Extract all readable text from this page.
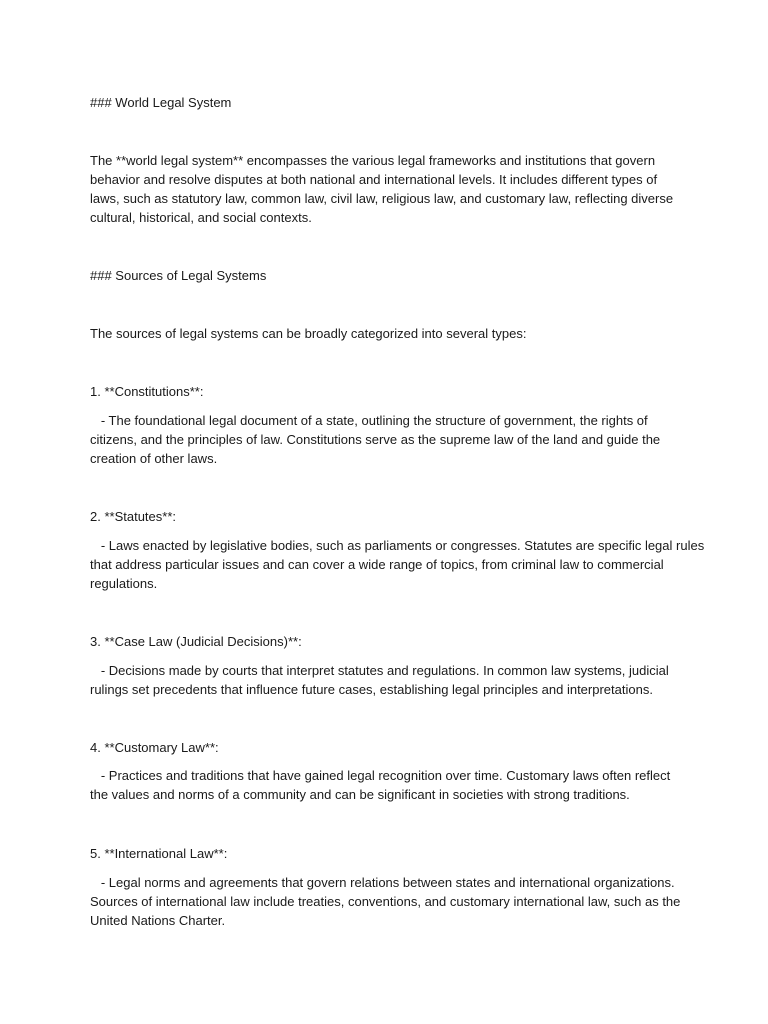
### World Legal System
The **world legal system** encompasses the various legal frameworks and institutions that govern
behavior and resolve disputes at both national and international levels. It includes different types of
laws, such as statutory law, common law, civil law, religious law, and customary law, reflecting diverse
cultural, historical, and social contexts.
### Sources of Legal Systems
The sources of legal systems can be broadly categorized into several types:
1. **Constitutions**:
- The foundational legal document of a state, outlining the structure of government, the rights of
citizens, and the principles of law. Constitutions serve as the supreme law of the land and guide the
creation of other laws.
2. **Statutes**:
- Laws enacted by legislative bodies, such as parliaments or congresses. Statutes are specific legal rules
that address particular issues and can cover a wide range of topics, from criminal law to commercial
regulations.
3. **Case Law (Judicial Decisions)**:
- Decisions made by courts that interpret statutes and regulations. In common law systems, judicial
rulings set precedents that influence future cases, establishing legal principles and interpretations.
4. **Customary Law**:
- Practices and traditions that have gained legal recognition over time. Customary laws often reflect
the values and norms of a community and can be significant in societies with strong traditions.
5. **International Law**:
- Legal norms and agreements that govern relations between states and international organizations.
Sources of international law include treaties, conventions, and customary international law, such as the
United Nations Charter.
